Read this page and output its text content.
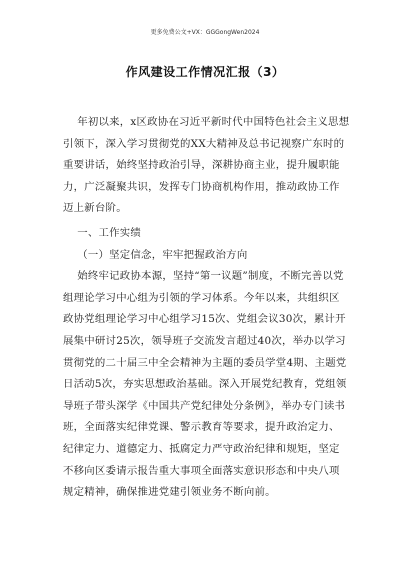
更多免费公文+VX：GGGongWen2024
作风建设工作情况汇报（3）

年初以来，x区政协在习近平新时代中国特色社会主义思想引领下，深入学习贯彻党的XX大精神及总书记视察广东时的重要讲话，始终坚持政治引导，深耕协商主业，提升履职能力，广泛凝聚共识，发挥专门协商机构作用，推动政协工作迈上新台阶。

一、工作实绩

（一）坚定信念，牢牢把握政治方向

始终牢记政协本源，坚持“第一议题”制度，不断完善以党组理论学习中心组为引领的学习体系。今年以来，共组织区政协党组理论学习中心组学习15次、党组会议30次，累计开展集中研讨25次，领导班子交流发言超过40次，举办以学习贯彻党的二十届三中全会精神为主题的委员学堂4期、主题党日活动5次，夯实思想政治基础。深入开展党纪教育，党组领导班子带头深学《中国共产党纪律处分条例》，举办专门读书班，全面落实纪律党课、警示教育等要求，提升政治定力、纪律定力、道德定力、抵腐定力严守政治纪律和规矩，坚定不移向区委请示报告重大事项全面落实意识形态和中央八项规定精神，确保推进党建引领业务不断向前。
